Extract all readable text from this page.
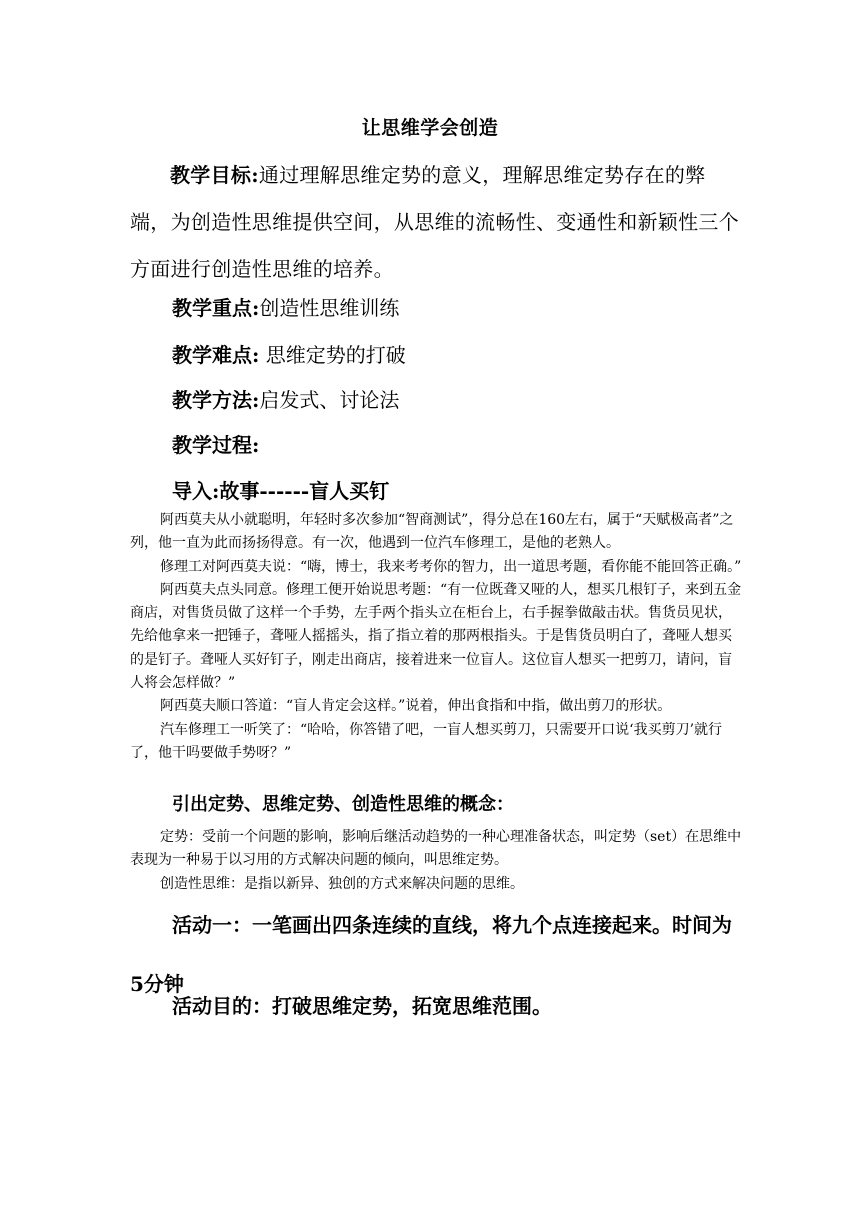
让思维学会创造
教学目标:通过理解思维定势的意义，理解思维定势存在的弊端，为创造性思维提供空间，从思维的流畅性、变通性和新颖性三个方面进行创造性思维的培养。
教学重点:创造性思维训练
教学难点: 思维定势的打破
教学方法:启发式、讨论法
教学过程:
导入:故事------盲人买钉

阿西莫夫从小就聪明，年轻时多次参加“智商测试”，得分总在160左右，属于“天赋极高者”之列，他一直为此而扬扬得意。有一次，他遇到一位汽车修理工，是他的老熟人。

修理工对阿西莫夫说：“嗨，博士，我来考考你的智力，出一道思考题，看你能不能回答正确。”

阿西莫夫点头同意。修理工便开始说思考题：“有一位既聋又哑的人，想买几根钉子，来到五金商店，对售货员做了这样一个手势，左手两个指头立在柜台上，右手握拳做敲击状。售货员见状，先给他拿来一把锤子，聋哑人摇摇头，指了指立着的那两根指头。于是售货员明白了，聋哑人想买的是钉子。聋哑人买好钉子，刚走出商店，接着进来一位盲人。这位盲人想买一把剪刀，请问，盲人将会怎样做？”

阿西莫夫顺口答道：“盲人肯定会这样。”说着，伸出食指和中指，做出剪刀的形状。

汽车修理工一听笑了：“哈哈，你答错了吧，一盲人想买剪刀，只需要开口说‘我买剪刀’就行了，他干吗要做手势呀？”

引出定势、思维定势、创造性思维的概念：

定势：受前一个问题的影响，影响后继活动趋势的一种心理准备状态，叫定势（set）在思维中表现为一种易于以习用的方式解决问题的倾向，叫思维定势。

创造性思维：是指以新异、独创的方式来解决问题的思维。

活动一：一笔画出四条连续的直线，将九个点连接起来。时间为5分钟
活动目的：打破思维定势，拓宽思维范围。
